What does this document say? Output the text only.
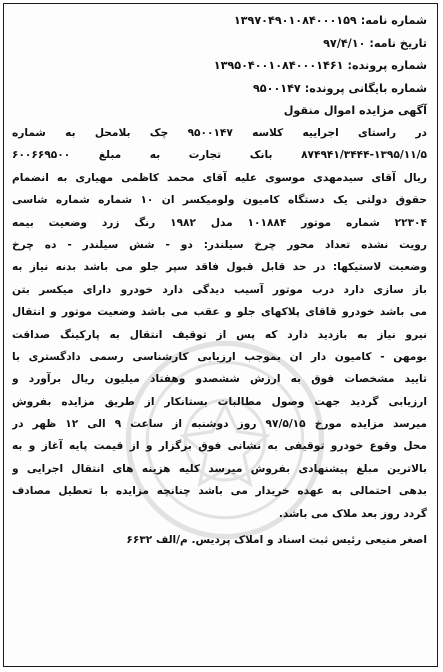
شماره نامه:۱۳۹۷۰۴۹۰۱۰۸۴۰۰۰۱۵۹
تاریخ نامه:۹۷/۴/۱۰
شماره پرونده:۱۳۹۵۰۴۰۰۱۰۸۴۰۰۰۱۴۶۱
شماره بایگانی پرونده:۹۵۰۰۱۴۷
آگهی مزایده اموال منقول
در راستای اجراییه کلاسه ۹۵۰۰۱۴۷ چک بلامحل به شماره
۸۷۴۹۴۱/۳۴۴۴-۱۳۹۵/۱۱/۵ بانک تجارت به مبلغ ۶۰۰۶۶۹۵۰۰
ریال آقای سیدمهدی موسوی علیه آقای محمد کاظمی مهیاری به انضمام
حقوق دولتی یک دستگاه کامیون ولومیکسر ان ۱۰ شماره شماره شاسی
۲۲۳۰۴ شماره موتور ۱۰۱۸۸۴ مدل ۱۹۸۲ رنگ زرد وضعیت بیمه
رویت نشده تعداد محور چرخ سیلندر: دو - شش سیلندر - ده چرخ
وضعیت لاستیکها: در حد قابل قبول فاقد سپر جلو می باشد بدنه نیاز به
باز سازی دارد درب موتور آسیب دیدگی دارد خودرو دارای میکسر بتن
می باشد خودرو قاقای پلاکهای جلو و عقب می باشد وضعیت موتور و انتقال
نیرو نیاز به بازدید دارد که پس از توقیف انتقال به پارکینگ صداقت
بومهن - کامیون دار ان بموجب ارزیابی کارشناسی رسمی دادگستری با
تایید مشخصات فوق به ارزش ششصدو وهفتاد میلیون ریال برآورد و
ارزیابی گردید جهت وصول مطالبات بستانکار از طریق مزایده بفروش
میرسد مزایده مورخ ۹۷/۵/۱۵ روز دوشنبه از ساعت ۹ الی ۱۲ ظهر در
محل وقوع خودرو توقیفی به نشانی فوق برگزار و از قیمت پایه آغاز و به
بالاترین مبلغ پیشنهادی بفروش میرسد کلیه هزینه های انتقال اجرایی و
بدهی احتمالی به عهده خریدار می باشد چنانچه مزایده با تعطیل مصادف
گردد روز بعد ملاک می باشد.
اصغر منیعی رئیس ثبت اسناد و املاک پردیس. م/الف ۶۶۳۲
